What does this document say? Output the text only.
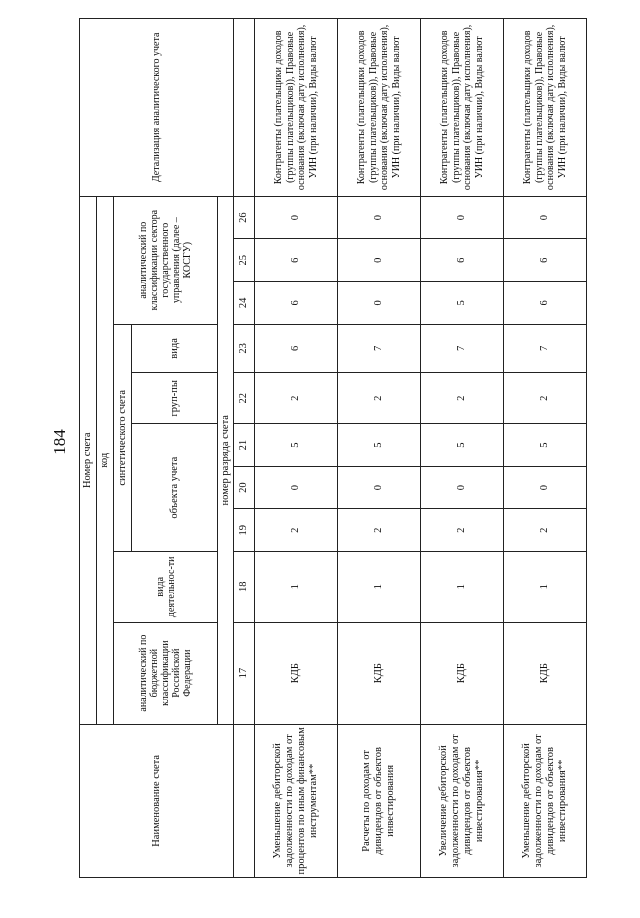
184
Наименование счета	Номер счета										Детализация аналитического учета
	код										
	аналитический по бюджетной классификации Российской Федерации	вида деятельнос-ти	синтетического счета					аналитический по классификации сектора государственного управления (далее – КОСГУ)			
			объекта учета			груп-пы	вида				
	номер разряда счета										
	17	18	19	20	21	22	23	24	25	26	
Уменьшение дебиторской задолженности по доходам от процентов по иным финансовым инструментам**	КДБ	1	2	0	5	2	6	6	6	0	Контрагенты (плательщики доходов (группы плательщиков)), Правовые основания (включая дату исполнения), УИН (при наличии), Виды валют
Расчеты по доходам от дивидендов от объектов инвестирования	КДБ	1	2	0	5	2	7	0	0	0	Контрагенты (плательщики доходов (группы плательщиков)), Правовые основания (включая дату исполнения), УИН (при наличии), Виды валют
Увеличение дебиторской задолженности по доходам от дивидендов от объектов инвестирования**	КДБ	1	2	0	5	2	7	5	6	0	Контрагенты (плательщики доходов (группы плательщиков)), Правовые основания (включая дату исполнения), УИН (при наличии), Виды валют
Уменьшение дебиторской задолженности по доходам от дивидендов от объектов инвестирования**	КДБ	1	2	0	5	2	7	6	6	0	Контрагенты (плательщики доходов (группы плательщиков)), Правовые основания (включая дату исполнения), УИН (при наличии), Виды валют
